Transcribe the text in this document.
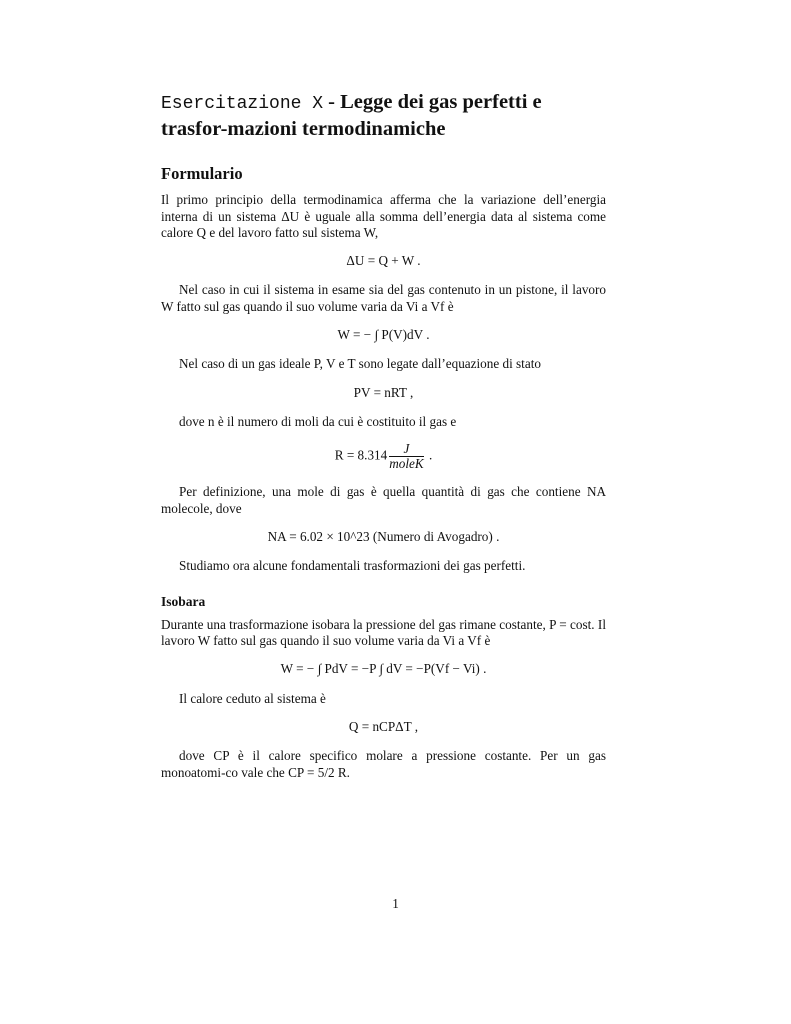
Esercitazione X - Legge dei gas perfetti e trasfor-mazioni termodinamiche
Formulario

Il primo principio della termodinamica afferma che la variazione dell’energia interna di un sistema ΔU è uguale alla somma dell’energia data al sistema come calore Q e del lavoro fatto sul sistema W,

ΔU = Q + W .

Nel caso in cui il sistema in esame sia del gas contenuto in un pistone, il lavoro W fatto sul gas quando il suo volume varia da Vi a Vf è

W = − ∫ P(V)dV .

Nel caso di un gas ideale P, V e T sono legate dall’equazione di stato

PV = nRT ,

dove n è il numero di moli da cui è costituito il gas e

$R = 8.314 \frac{J}{\text{moleK}}$ .

Per definizione, una mole di gas è quella quantità di gas che contiene NA molecole, dove

NA = 6.02 × 10^23 (Numero di Avogadro) .

Studiamo ora alcune fondamentali trasformazioni dei gas perfetti.

Isobara

Durante una trasformazione isobara la pressione del gas rimane costante, P = cost. Il lavoro W fatto sul gas quando il suo volume varia da Vi a Vf è

W = − ∫ PdV = −P ∫ dV = −P(Vf − Vi) .

Il calore ceduto al sistema è

Q = nCPΔT ,

dove CP è il calore specifico molare a pressione costante. Per un gas monoatomi-co vale che CP = 5/2 R.

1
